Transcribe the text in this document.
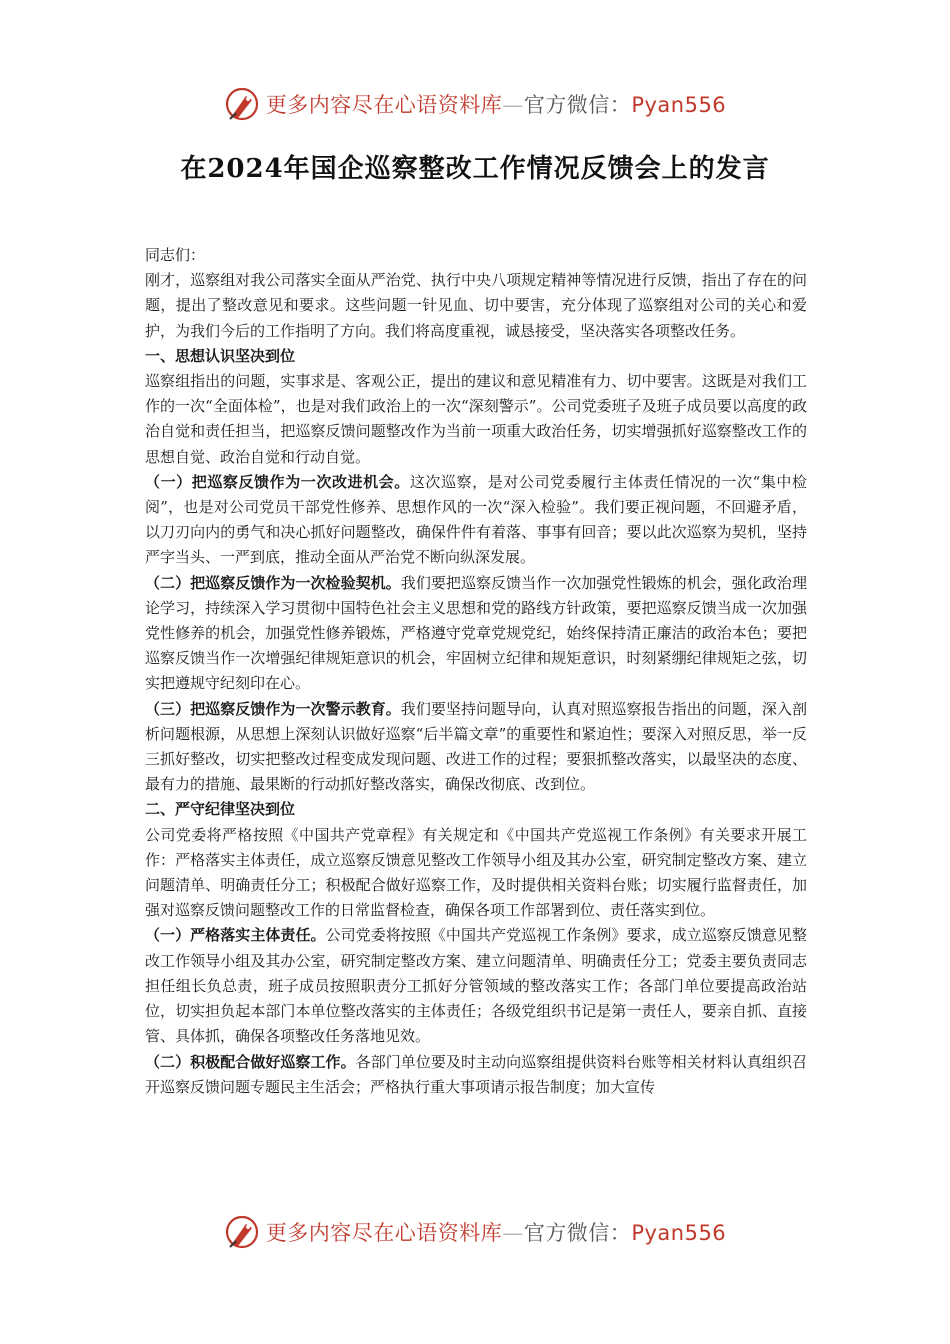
更多内容尽在心语资料库—官方微信：Pyan556
在2024年国企巡察整改工作情况反馈会上的发言

同志们：

刚才，巡察组对我公司落实全面从严治党、执行中央八项规定精神等情况进行反馈，指出了存在的问题，提出了整改意见和要求。这些问题一针见血、切中要害，充分体现了巡察组对公司的关心和爱护，为我们今后的工作指明了方向。我们将高度重视，诚恳接受，坚决落实各项整改任务。

一、思想认识坚决到位

巡察组指出的问题，实事求是、客观公正，提出的建议和意见精准有力、切中要害。这既是对我们工作的一次“全面体检”，也是对我们政治上的一次“深刻警示”。公司党委班子及班子成员要以高度的政治自觉和责任担当，把巡察反馈问题整改作为当前一项重大政治任务，切实增强抓好巡察整改工作的思想自觉、政治自觉和行动自觉。

（一）把巡察反馈作为一次改进机会。这次巡察，是对公司党委履行主体责任情况的一次“集中检阅”，也是对公司党员干部党性修养、思想作风的一次“深入检验”。我们要正视问题，不回避矛盾，以刀刃向内的勇气和决心抓好问题整改，确保件件有着落、事事有回音；要以此次巡察为契机，坚持严字当头、一严到底，推动全面从严治党不断向纵深发展。

（二）把巡察反馈作为一次检验契机。我们要把巡察反馈当作一次加强党性锻炼的机会，强化政治理论学习，持续深入学习贯彻中国特色社会主义思想和党的路线方针政策，要把巡察反馈当成一次加强党性修养的机会，加强党性修养锻炼，严格遵守党章党规党纪，始终保持清正廉洁的政治本色；要把巡察反馈当作一次增强纪律规矩意识的机会，牢固树立纪律和规矩意识，时刻紧绷纪律规矩之弦，切实把遵规守纪刻印在心。

（三）把巡察反馈作为一次警示教育。我们要坚持问题导向，认真对照巡察报告指出的问题，深入剖析问题根源，从思想上深刻认识做好巡察“后半篇文章”的重要性和紧迫性；要深入对照反思，举一反三抓好整改，切实把整改过程变成发现问题、改进工作的过程；要狠抓整改落实，以最坚决的态度、最有力的措施、最果断的行动抓好整改落实，确保改彻底、改到位。

二、严守纪律坚决到位

公司党委将严格按照《中国共产党章程》有关规定和《中国共产党巡视工作条例》有关要求开展工作：严格落实主体责任，成立巡察反馈意见整改工作领导小组及其办公室，研究制定整改方案、建立问题清单、明确责任分工；积极配合做好巡察工作，及时提供相关资料台账；切实履行监督责任，加强对巡察反馈问题整改工作的日常监督检查，确保各项工作部署到位、责任落实到位。

（一）严格落实主体责任。公司党委将按照《中国共产党巡视工作条例》要求，成立巡察反馈意见整改工作领导小组及其办公室，研究制定整改方案、建立问题清单、明确责任分工；党委主要负责同志担任组长负总责，班子成员按照职责分工抓好分管领域的整改落实工作；各部门单位要提高政治站位，切实担负起本部门本单位整改落实的主体责任；各级党组织书记是第一责任人，要亲自抓、直接管、具体抓，确保各项整改任务落地见效。

（二）积极配合做好巡察工作。各部门单位要及时主动向巡察组提供资料台账等相关材料认真组织召开巡察反馈问题专题民主生活会；严格执行重大事项请示报告制度；加大宣传

更多内容尽在心语资料库—官方微信：Pyan556
